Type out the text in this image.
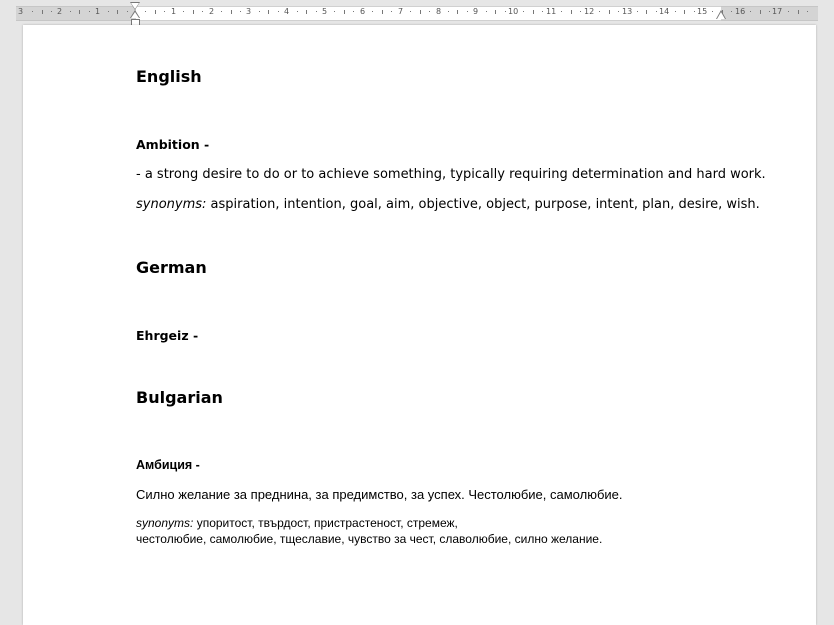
3	2	1	1	2	3	4	5	6	7	8	9	10	11	12	13	14	15	16	17
English
Ambition -
- a strong desire to do or to achieve something, typically requiring determination and hard work.
synonyms: aspiration, intention, goal, aim, objective, object, purpose, intent, plan, desire, wish.
German
Ehrgeiz -
Bulgarian
Амбиция -
Силно желание за преднина, за предимство, за успех. Честолюбие, самолюбие.
synonyms: упоритост, твърдост, пристрастеност, стремеж,
честолюбие, самолюбие, тщеславие, чувство за чест, славолюбие, силно желание.
